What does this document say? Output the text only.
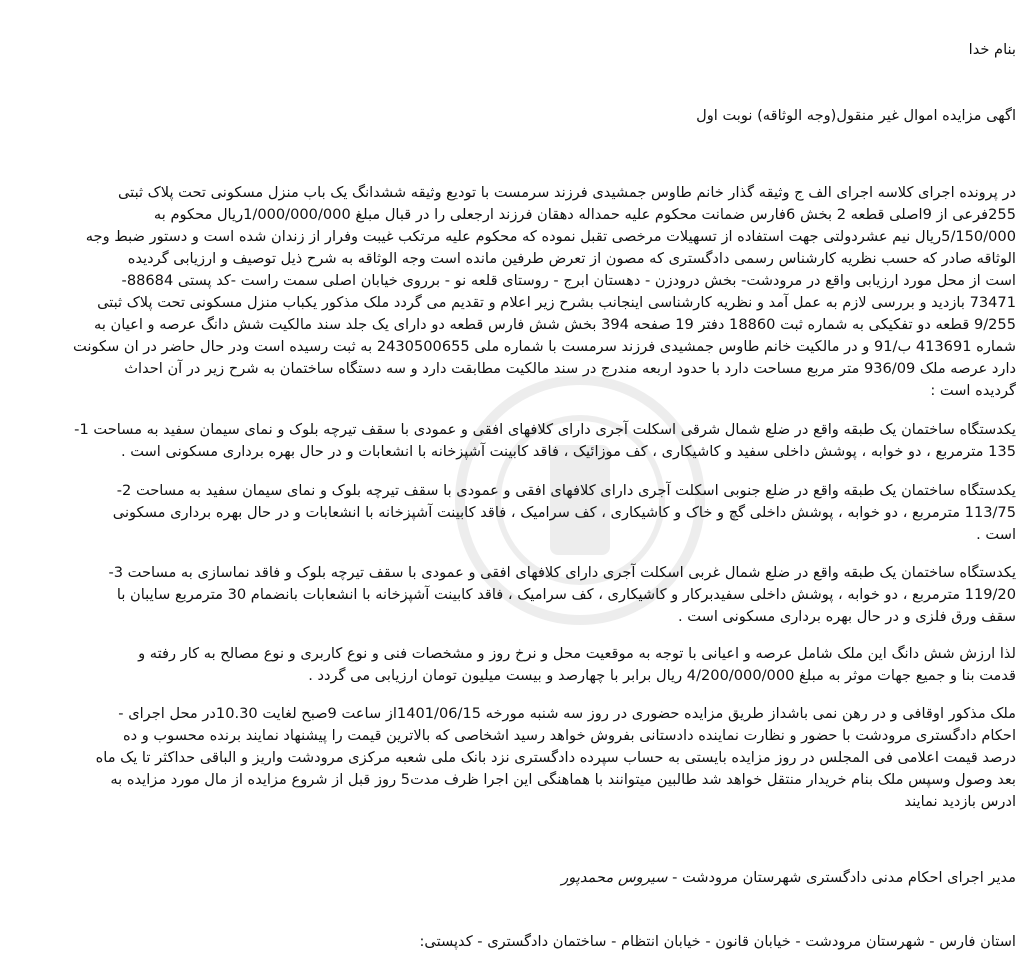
بنام خدا
اگهی مزایده اموال غیر منقول(وجه الوثاقه) نوبت اول
در پرونده اجرای کلاسه اجرای الف ج وثیقه گذار خانم طاوس جمشیدی فرزند سرمست با تودیع وثیقه ششدانگ یک باب منزل مسکونی تحت پلاک ثبتی
255فرعی از 9اصلی قطعه 2 بخش 6فارس ضمانت محکوم علیه حمداله دهقان فرزند ارجعلی را در قبال مبلغ 1/000/000/000ریال محکوم به
5/150/000ریال نیم عشردولتی جهت استفاده از تسهیلات مرخصی تقبل نموده که محکوم علیه مرتکب غیبت وفرار از زندان شده است و دستور ضبط وجه
الوثاقه صادر که حسب نظریه کارشناس رسمی دادگستری که مصون از تعرض طرفین مانده است وجه الوثاقه به شرح ذیل توصیف و ارزیابی گردیده
است از محل مورد ارزیابی واقع در مرودشت- بخش درودزن - دهستان ابرج - روستای قلعه نو - برروی خیابان اصلی سمت راست -کد پستی 88684-
73471 بازدید و بررسی لازم به عمل آمد و نظریه کارشناسی اینجانب بشرح زیر اعلام و تقدیم می گردد ملک مذکور یکباب منزل مسکونی تحت پلاک ثبتی
9/255 قطعه دو تفکیکی به شماره ثبت 18860 دفتر 19 صفحه 394 بخش شش فارس قطعه دو دارای یک جلد سند مالکیت شش دانگ عرصه و اعیان به
شماره 413691 ب/91 و در مالکیت خانم طاوس جمشیدی فرزند سرمست با شماره ملی 2430500655 به ثبت رسیده است ودر حال حاضر در ان سکونت
دارد عرصه ملک 936/09 متر مربع مساحت دارد با حدود اربعه مندرج در سند مالکیت مطابقت دارد و سه دستگاه ساختمان به شرح زیر در آن احداث
گردیده است :
یکدستگاه ساختمان یک طبقه واقع در ضلع شمال شرقی اسکلت آجری دارای کلافهای افقی و عمودی با سقف تیرچه بلوک و نمای سیمان سفید به مساحت 1-
135 مترمربع ، دو خوابه ، پوشش داخلی سفید و کاشیکاری ، کف موزائیک ، فاقد کابینت آشپزخانه با انشعابات و در حال بهره برداری مسکونی است .
یکدستگاه ساختمان یک طبقه واقع در ضلع جنوبی اسکلت آجری دارای کلافهای افقی و عمودی با سقف تیرچه بلوک و نمای سیمان سفید به مساحت 2-
113/75 مترمربع ، دو خوابه ، پوشش داخلی گچ و خاک و کاشیکاری ، کف سرامیک ، فاقد کابینت آشپزخانه با انشعابات و در حال بهره برداری مسکونی
است .
یکدستگاه ساختمان یک طبقه واقع در ضلع شمال غربی اسکلت آجری دارای کلافهای افقی و عمودی با سقف تیرچه بلوک و فاقد نماسازی به مساحت 3-
119/20 مترمربع ، دو خوابه ، پوشش داخلی سفیدبرکار و کاشیکاری ، کف سرامیک ، فاقد کابینت آشپزخانه با انشعابات بانضمام 30 مترمربع سایبان با
سقف ورق فلزی و در حال بهره برداری مسکونی است .
لذا ارزش شش دانگ این ملک شامل عرصه و اعیانی با توجه به موقعیت محل و نرخ روز و مشخصات فنی و نوع کاربری و نوع مصالح به کار رفته و
قدمت بنا و جمیع جهات موثر به مبلغ 4/200/000/000 ریال برابر با چهارصد و بیست میلیون تومان ارزیابی می گردد .
ملک مذکور اوقافی و در رهن نمی باشداز طریق مزایده حضوری در روز سه شنبه مورخه 1401/06/15از ساعت 9صبح لغایت 10.30در محل اجرای -
احکام دادگستری مرودشت با حضور و نظارت نماینده دادستانی بفروش خواهد رسید اشخاصی که بالاترین قیمت را پیشنهاد نمایند برنده محسوب و ده
درصد قیمت اعلامی فی المجلس در روز مزایده بایستی به حساب سپرده دادگستری نزد بانک ملی شعبه مرکزی مرودشت واریز و الباقی حداکثر تا یک ماه
بعد وصول وسپس ملک بنام خریدار منتقل خواهد شد طالبین میتوانند با هماهنگی این اجرا ظرف مدت5 روز قبل از شروع مزایده از مال مورد مزایده به
ادرس بازدید نمایند
مدیر اجرای احکام مدنی دادگستری شهرستان مرودشت - سیروس محمدپور
استان فارس - شهرستان مرودشت - خیابان قانون - خیابان انتظام - ساختمان دادگستری - کدپستی:
